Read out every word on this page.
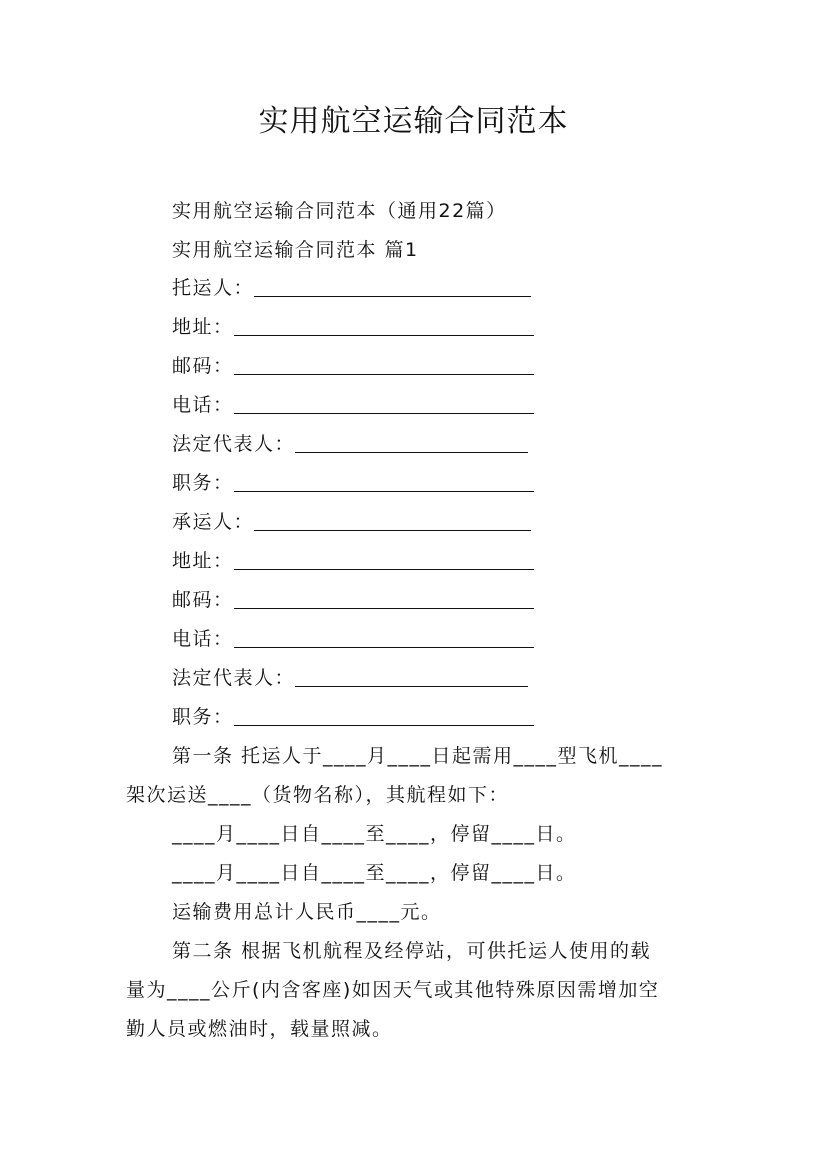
实用航空运输合同范本
实用航空运输合同范本（通用22篇）
实用航空运输合同范本 篇1
托运人：
地址：
邮码：
电话：
法定代表人：
职务：
承运人：
地址：
邮码：
电话：
法定代表人：
职务：
第一条 托运人于____月____日起需用____型飞机____
架次运送____（货物名称），其航程如下：
____月____日自____至____，停留____日。
____月____日自____至____，停留____日。
运输费用总计人民币____元。
第二条 根据飞机航程及经停站，可供托运人使用的载
量为____公斤(内含客座)如因天气或其他特殊原因需增加空
勤人员或燃油时，载量照减。
